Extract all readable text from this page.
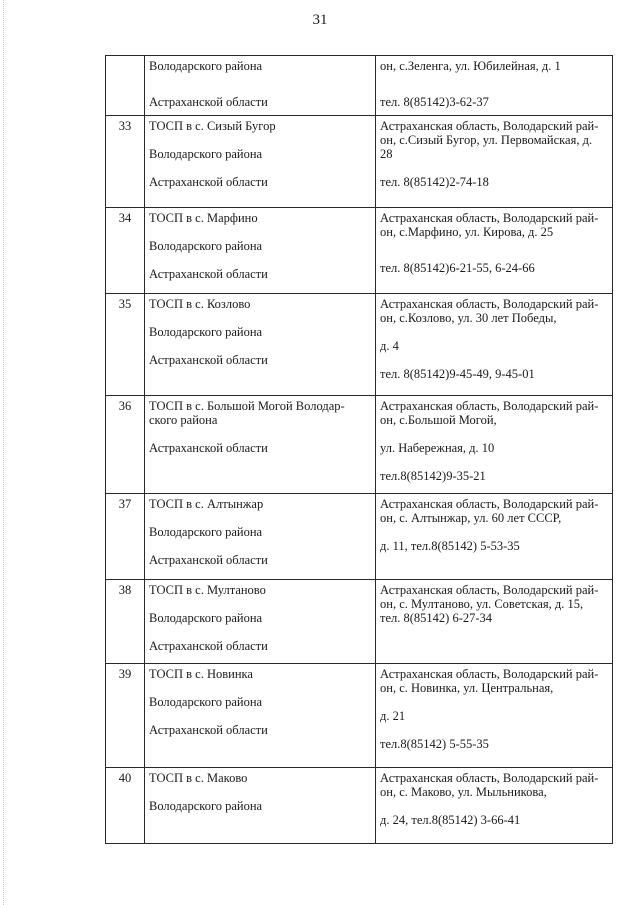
31

	Володарского района
Астраханской области	он, с.Зеленга, ул. Юбилейная, д. 1
тел. 8(85142)3-62-37

33	ТОСП в с. Сизый Бугор
Володарского района
Астраханской области	Астраханская область, Володарский рай-
он, с.Сизый Бугор, ул. Первомайская, д.
28
тел. 8(85142)2-74-18

34	ТОСП в с. Марфино
Володарского района
Астраханской области	Астраханская область, Володарский рай-
он, с.Марфино, ул. Кирова, д. 25
тел. 8(85142)6-21-55, 6-24-66

35	ТОСП в с. Козлово
Володарского района
Астраханской области	Астраханская область, Володарский рай-
он, с.Козлово, ул. 30 лет Победы,
д. 4
тел. 8(85142)9-45-49, 9-45-01

36	ТОСП в с. Большой Могой Володар-
ского района
Астраханской области	Астраханская область, Володарский рай-
он, с.Большой Могой,
ул. Набережная, д. 10
тел.8(85142)9-35-21

37	ТОСП в с. Алтынжар
Володарского района
Астраханской области	Астраханская область, Володарский рай-
он, с. Алтынжар, ул. 60 лет СССР,
д. 11, тел.8(85142) 5-53-35

38	ТОСП в с. Мултаново
Володарского района
Астраханской области	Астраханская область, Володарский рай-
он, с. Мултаново, ул. Советская, д. 15,
тел. 8(85142) 6-27-34

39	ТОСП в с. Новинка
Володарского района
Астраханской области	Астраханская область, Володарский рай-
он, с. Новинка, ул. Центральная,
д. 21
тел.8(85142) 5-55-35

40	ТОСП в с. Маково
Володарского района	Астраханская область, Володарский рай-
он, с. Маково, ул. Мыльникова,
д. 24, тел.8(85142) 3-66-41
